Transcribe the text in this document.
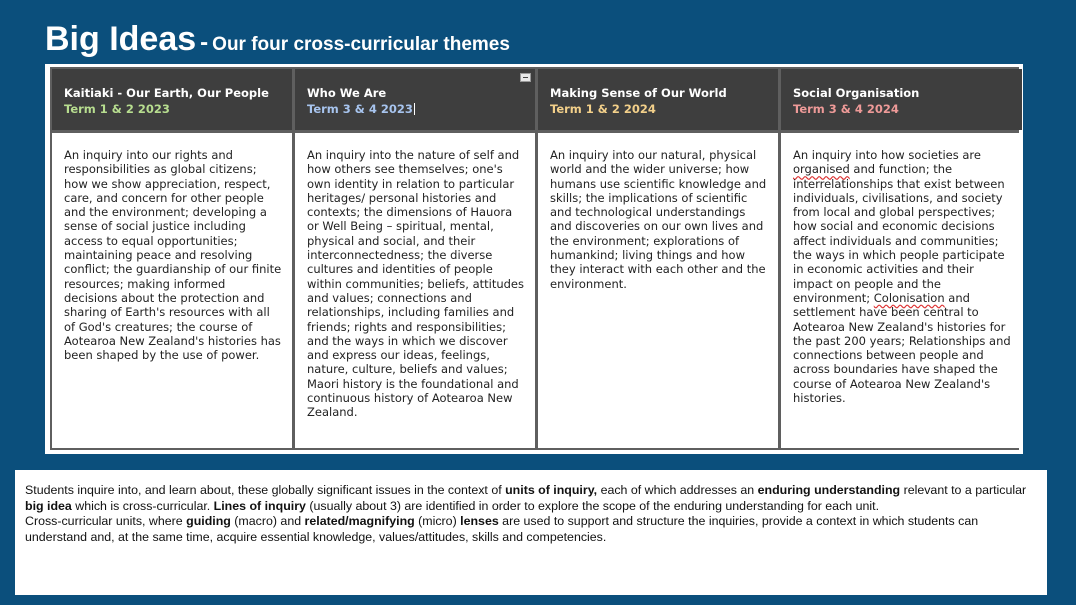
Big Ideas - Our four cross-curricular themes
Kaitiaki - Our Earth, Our People
Term 1 & 2 2023
Who We Are
Term 3 & 4 2023
Making Sense of Our World
Term 1 & 2 2024
Social Organisation
Term 3 & 4 2024

An inquiry into our rights and responsibilities as global citizens; how we show appreciation, respect, care, and concern for other people and the environment; developing a sense of social justice including access to equal opportunities; maintaining peace and resolving conflict; the guardianship of our finite resources; making informed decisions about the protection and sharing of Earth's resources with all of God's creatures; the course of Aotearoa New Zealand's histories has been shaped by the use of power.

An inquiry into the nature of self and how others see themselves; one's own identity in relation to particular heritages/ personal histories and contexts; the dimensions of Hauora or Well Being – spiritual, mental, physical and social, and their interconnectedness; the diverse cultures and identities of people within communities; beliefs, attitudes and values; connections and relationships, including families and friends; rights and responsibilities; and the ways in which we discover and express our ideas, feelings, nature, culture, beliefs and values; Maori history is the foundational and continuous history of Aotearoa New Zealand.

An inquiry into our natural, physical world and the wider universe; how humans use scientific knowledge and skills; the implications of scientific and technological understandings and discoveries on our own lives and the environment; explorations of humankind; living things and how they interact with each other and the environment.

An inquiry into how societies are organised and function; the interrelationships that exist between individuals, civilisations, and society from local and global perspectives; how social and economic decisions affect individuals and communities; the ways in which people participate in economic activities and their impact on people and the environment; Colonisation and settlement have been central to Aotearoa New Zealand's histories for the past 200 years; Relationships and connections between people and across boundaries have shaped the course of Aotearoa New Zealand's histories.

Students inquire into, and learn about, these globally significant issues in the context of units of inquiry, each of which addresses an enduring understanding relevant to a particular big idea which is cross-curricular. Lines of inquiry (usually about 3) are identified in order to explore the scope of the enduring understanding for each unit.

Cross-curricular units, where guiding (macro) and related/magnifying (micro) lenses are used to support and structure the inquiries, provide a context in which students can understand and, at the same time, acquire essential knowledge, values/attitudes, skills and competencies.
